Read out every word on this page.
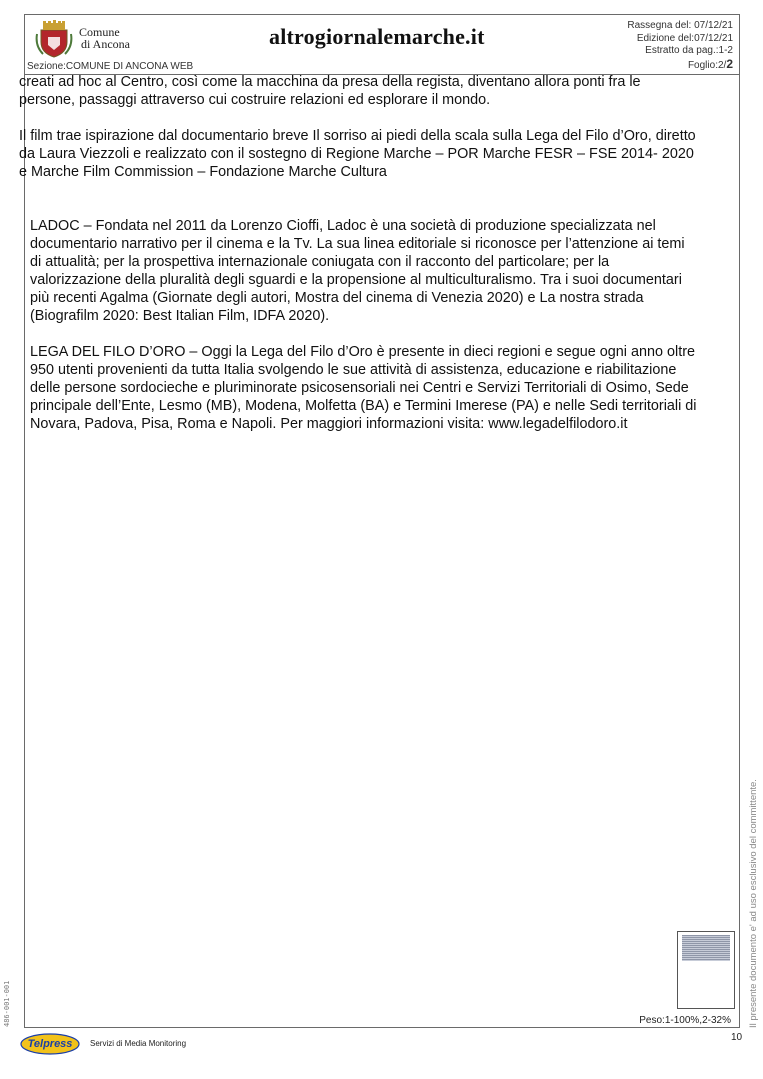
Comune
di Ancona	altrogiornalemarche.it	Rassegna del: 07/12/21
Edizione del:07/12/21
Estratto da pag.:1-2
Foglio:2/2
Sezione:COMUNE DI ANCONA WEB
Peso:1-100%,2-32%

creati ad hoc al Centro, così come la macchina da presa della regista, diventano allora ponti fra le persone, passaggi attraverso cui costruire relazioni ed esplorare il mondo.

Il film trae ispirazione dal documentario breve Il sorriso ai piedi della scala sulla Lega del Filo d’Oro, diretto da Laura Viezzoli e realizzato con il sostegno di Regione Marche – POR Marche FESR – FSE 2014- 2020 e Marche Film Commission – Fondazione Marche Cultura

LADOC – Fondata nel 2011 da Lorenzo Cioffi, Ladoc è una società di produzione specializzata nel documentario narrativo per il cinema e la Tv. La sua linea editoriale si riconosce per l’attenzione ai temi di attualità; per la prospettiva internazionale coniugata con il racconto del particolare; per la valorizzazione della pluralità degli sguardi e la propensione al multiculturalismo. Tra i suoi documentari più recenti Agalma (Giornate degli autori, Mostra del cinema di Venezia 2020) e La nostra strada (Biografilm 2020: Best Italian Film, IDFA 2020).

LEGA DEL FILO D’ORO – Oggi la Lega del Filo d’Oro è presente in dieci regioni e segue ogni anno oltre 950 utenti provenienti da tutta Italia svolgendo le sue attività di assistenza, educazione e riabilitazione delle persone sordocieche e pluriminorate psicosensoriali nei Centri e Servizi Territoriali di Osimo, Sede principale dell’Ente, Lesmo (MB), Modena, Molfetta (BA) e Termini Imerese (PA) e nelle Sedi territoriali di Novara, Padova, Pisa, Roma e Napoli. Per maggiori informazioni visita: www.legadelfilodoro.it

10
Il presente documento e' ad uso esclusivo del committente.
486-001-001
Telpress	Servizi di Media Monitoring
